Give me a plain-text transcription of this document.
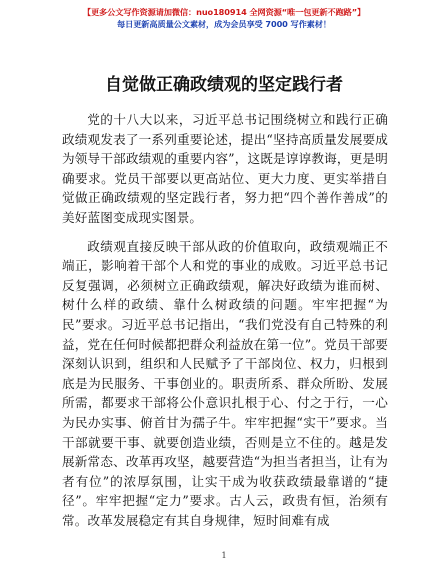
【更多公文写作资源请加微信：nuo180914 全网资源“唯一包更新不跑路”】
每日更新高质量公文素材，成为会员享受 7000 写作素材！
自觉做正确政绩观的坚定践行者

党的十八大以来，习近平总书记围绕树立和践行正确政绩观发表了一系列重要论述，提出“坚持高质量发展要成为领导干部政绩观的重要内容”，这既是谆谆教诲，更是明确要求。党员干部要以更高站位、更大力度、更实举措自觉做正确政绩观的坚定践行者，努力把“四个善作善成”的美好蓝图变成现实图景。

政绩观直接反映干部从政的价值取向，政绩观端正不端正，影响着干部个人和党的事业的成败。习近平总书记反复强调，必须树立正确政绩观，解决好政绩为谁而树、树什么样的政绩、靠什么树政绩的问题。牢牢把握“为民”要求。习近平总书记指出，“我们党没有自己特殊的利益，党在任何时候都把群众利益放在第一位”。党员干部要深刻认识到，组织和人民赋予了干部岗位、权力，归根到底是为民服务、干事创业的。职责所系、群众所盼、发展所需，都要求干部将公仆意识扎根于心、付之于行，一心为民办实事、俯首甘为孺子牛。牢牢把握“实干”要求。当干部就要干事、就要创造业绩，否则是立不住的。越是发展新常态、改革再攻坚，越要营造“为担当者担当，让有为者有位”的浓厚氛围，让实干成为收获政绩最靠谱的“捷径”。牢牢把握“定力”要求。古人云，政贵有恒，治须有常。改革发展稳定有其自身规律，短时间难有成

1
